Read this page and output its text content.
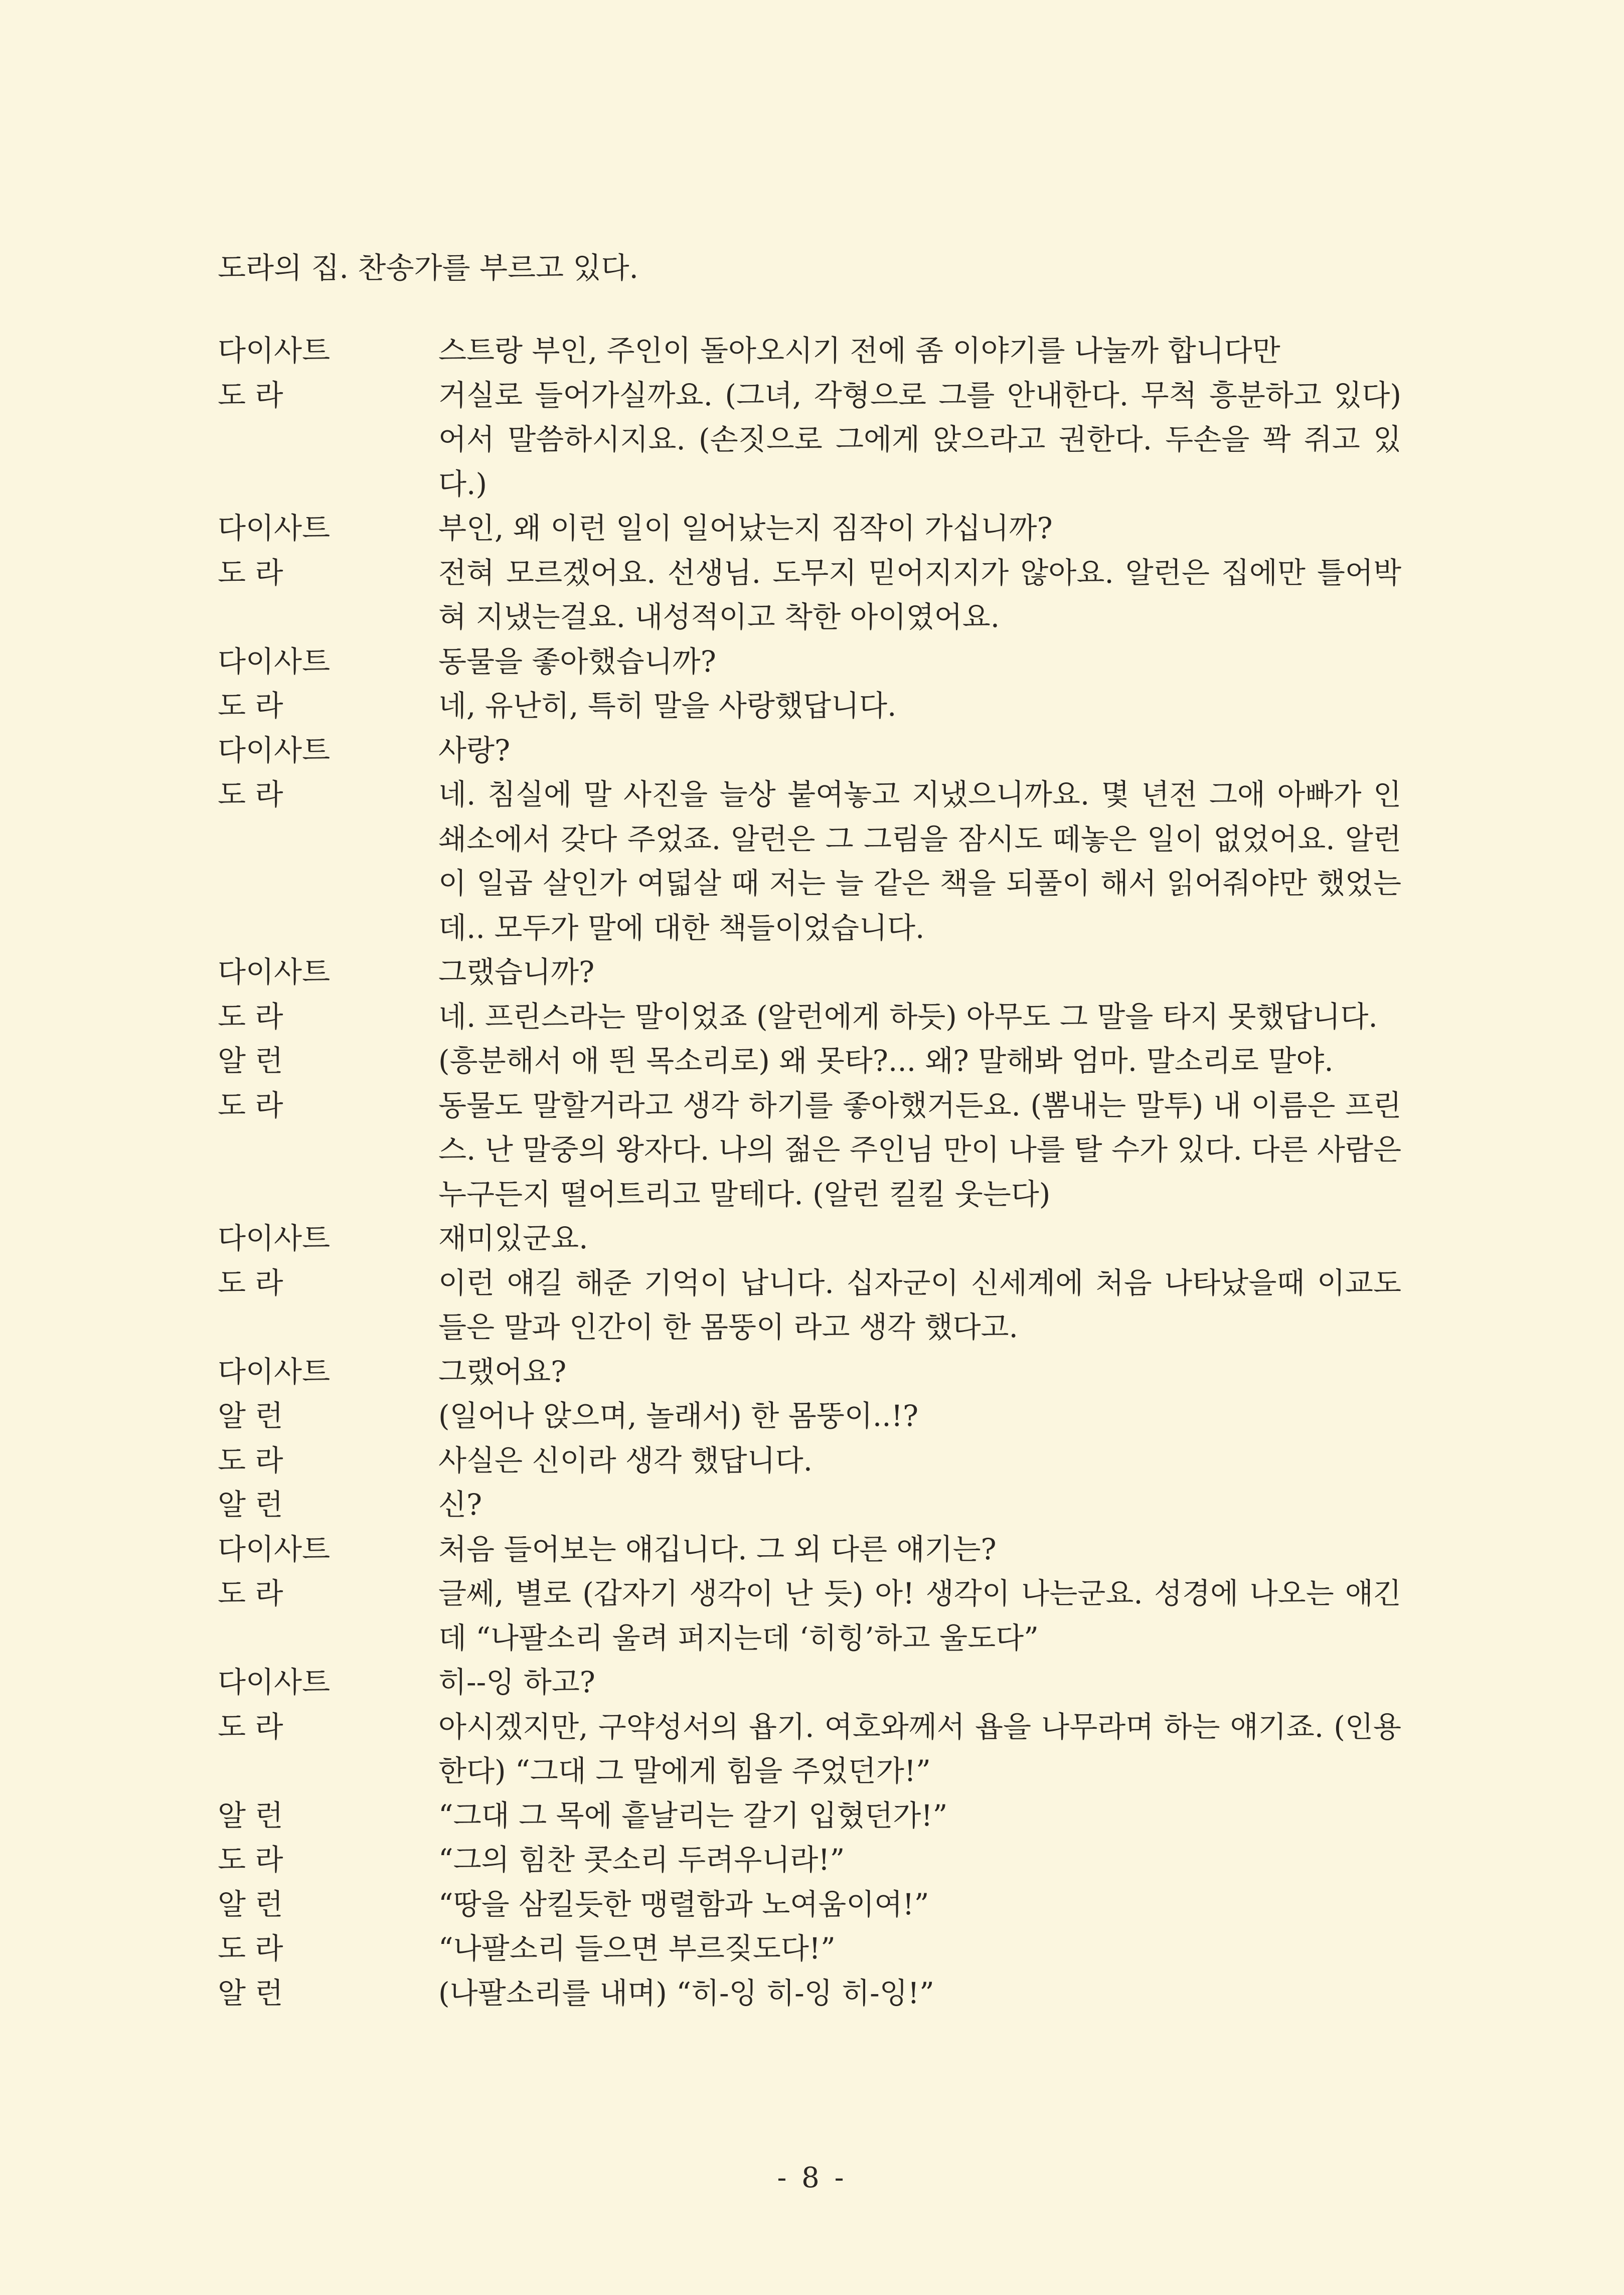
도라의 집. 찬송가를 부르고 있다.
다이사트	스트랑 부인, 주인이 돌아오시기 전에 좀 이야기를 나눌까 합니다만
도 라	거실로 들어가실까요. (그녀, 각형으로 그를 안내한다. 무척 흥분하고 있다) 어서 말씀하시지요. (손짓으로 그에게 앉으라고 권한다. 두손을 꽉 쥐고 있다.)
다이사트	부인, 왜 이런 일이 일어났는지 짐작이 가십니까?
도 라	전혀 모르겠어요. 선생님. 도무지 믿어지지가 않아요. 알런은 집에만 틀어박혀 지냈는걸요. 내성적이고 착한 아이였어요.
다이사트	동물을 좋아했습니까?
도 라	네, 유난히, 특히 말을 사랑했답니다.
다이사트	사랑?
도 라	네. 침실에 말 사진을 늘상 붙여놓고 지냈으니까요. 몇 년전 그애 아빠가 인쇄소에서 갖다 주었죠. 알런은 그 그림을 잠시도 떼놓은 일이 없었어요. 알런이 일곱 살인가 여덟살 때 저는 늘 같은 책을 되풀이 해서 읽어줘야만 했었는데.. 모두가 말에 대한 책들이었습니다.
다이사트	그랬습니까?
도 라	네. 프린스라는 말이었죠 (알런에게 하듯) 아무도 그 말을 타지 못했답니다.
알 런	(흥분해서 애 띈 목소리로) 왜 못타?... 왜? 말해봐 엄마. 말소리로 말야.
도 라	동물도 말할거라고 생각 하기를 좋아했거든요. (뽐내는 말투) 내 이름은 프린스. 난 말중의 왕자다. 나의 젊은 주인님 만이 나를 탈 수가 있다. 다른 사람은 누구든지 떨어트리고 말테다. (알런 킬킬 웃는다)
다이사트	재미있군요.
도 라	이런 얘길 해준 기억이 납니다. 십자군이 신세계에 처음 나타났을때 이교도들은 말과 인간이 한 몸뚱이 라고 생각 했다고.
다이사트	그랬어요?
알 런	(일어나 앉으며, 놀래서) 한 몸뚱이..!?
도 라	사실은 신이라 생각 했답니다.
알 런	신?
다이사트	처음 들어보는 얘깁니다. 그 외 다른 얘기는?
도 라	글쎄, 별로 (갑자기 생각이 난 듯) 아! 생각이 나는군요. 성경에 나오는 얘긴데 “나팔소리 울려 퍼지는데 ‘히힝’하고 울도다”
다이사트	히--잉 하고?
도 라	아시겠지만, 구약성서의 욥기. 여호와께서 욥을 나무라며 하는 얘기죠. (인용한다) “그대 그 말에게 힘을 주었던가!”
알 런	“그대 그 목에 흩날리는 갈기 입혔던가!”
도 라	“그의 힘찬 콧소리 두려우니라!”
알 런	“땅을 삼킬듯한 맹렬함과 노여움이여!”
도 라	“나팔소리 들으면 부르짖도다!”
알 런	(나팔소리를 내며) “히-잉 히-잉 히-잉!”
- 8 -
